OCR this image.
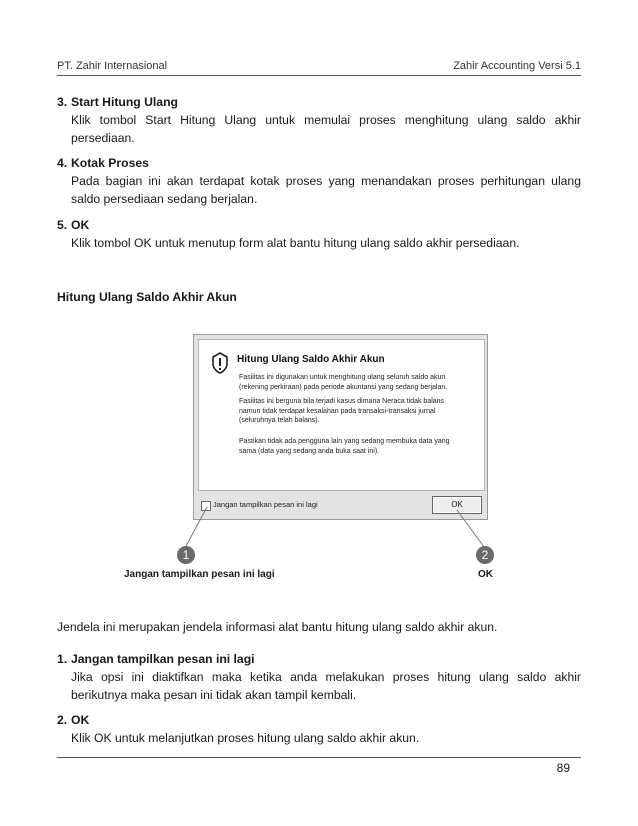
PT. Zahir Internasional	Zahir Accounting Versi 5.1
3. Start Hitung Ulang
Klik tombol Start Hitung Ulang untuk memulai proses menghitung ulang saldo akhir persediaan.
4. Kotak Proses
Pada bagian ini akan terdapat kotak proses yang menandakan proses perhitungan ulang saldo persediaan sedang berjalan.
5. OK
Klik tombol OK untuk menutup form alat bantu hitung ulang saldo akhir persediaan.
Hitung Ulang Saldo Akhir Akun
Hitung Ulang Saldo Akhir Akun
Fasilitas ini digunakan untuk menghitung ulang seluruh saldo akun
(rekening perkiraan) pada periode akuntansi yang sedang berjalan.
Fasilitas ini berguna bila terjadi kasus dimana Neraca tidak balans
namun tidak terdapat kesalahan pada transaksi-transaksi jurnal
(seluruhnya telah balans).
Pastikan tidak ada pengguna lain yang sedang membuka data yang
sama (data yang sedang anda buka saat ini).
Jangan tampilkan pesan ini lagi	OK
1	2
Jangan tampilkan pesan ini lagi	OK
Jendela ini merupakan jendela informasi alat bantu hitung ulang saldo akhir akun.
1. Jangan tampilkan pesan ini lagi
Jika opsi ini diaktifkan maka ketika anda melakukan proses hitung ulang saldo akhir berikutnya maka pesan ini tidak akan tampil kembali.
2. OK
Klik OK untuk melanjutkan proses hitung ulang saldo akhir akun.
89
